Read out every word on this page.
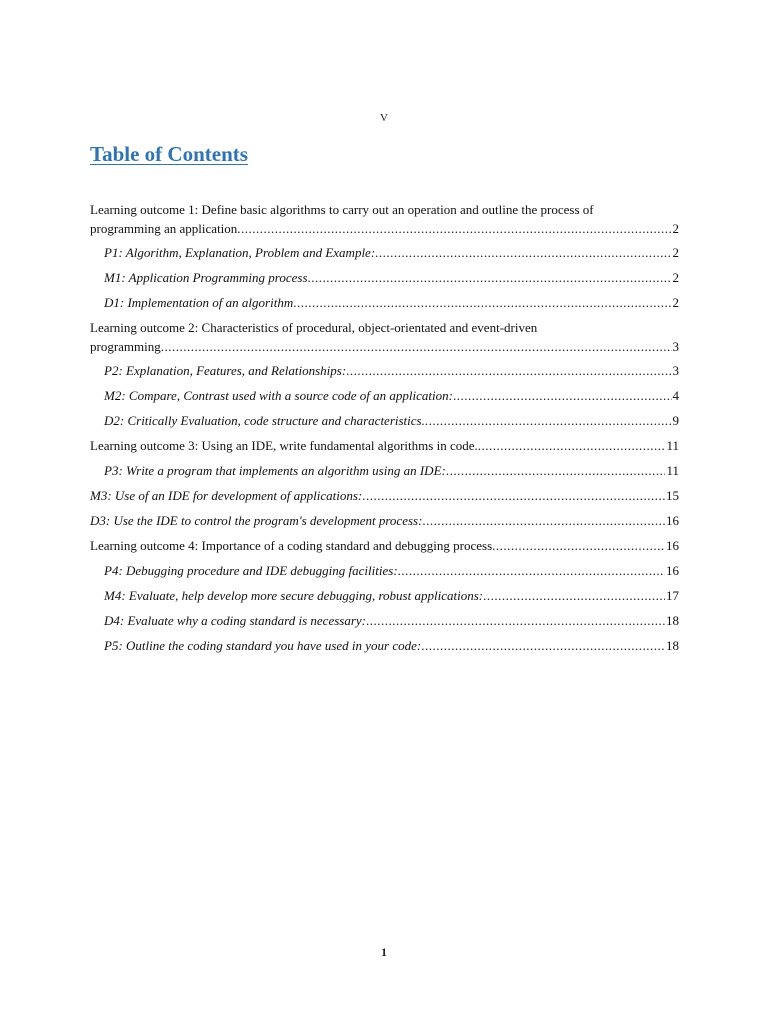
V
Table of Contents
Learning outcome 1: Define basic algorithms to carry out an operation and outline the process of
programming an application .....	2
P1: Algorithm, Explanation, Problem and Example: .....	2
M1: Application Programming process .....	2
D1: Implementation of an algorithm .....	2
Learning outcome 2: Characteristics of procedural, object-orientated and event-driven
programming .....	3
P2: Explanation, Features, and Relationships: .....	3
M2: Compare, Contrast used with a source code of an application: .....	4
D2: Critically Evaluation, code structure and characteristics. .....	9
Learning outcome 3: Using an IDE, write fundamental algorithms in code. .....	11
P3: Write a program that implements an algorithm using an IDE: .....	11
M3: Use of an IDE for development of applications: .....	15
D3: Use the IDE to control the program's development process: .....	16
Learning outcome 4: Importance of a coding standard and debugging process .....	16
P4: Debugging procedure and IDE debugging facilities: .....	16
M4: Evaluate, help develop more secure debugging, robust applications: .....	17
D4: Evaluate why a coding standard is necessary: .....	18
P5: Outline the coding standard you have used in your code: .....	18
1
